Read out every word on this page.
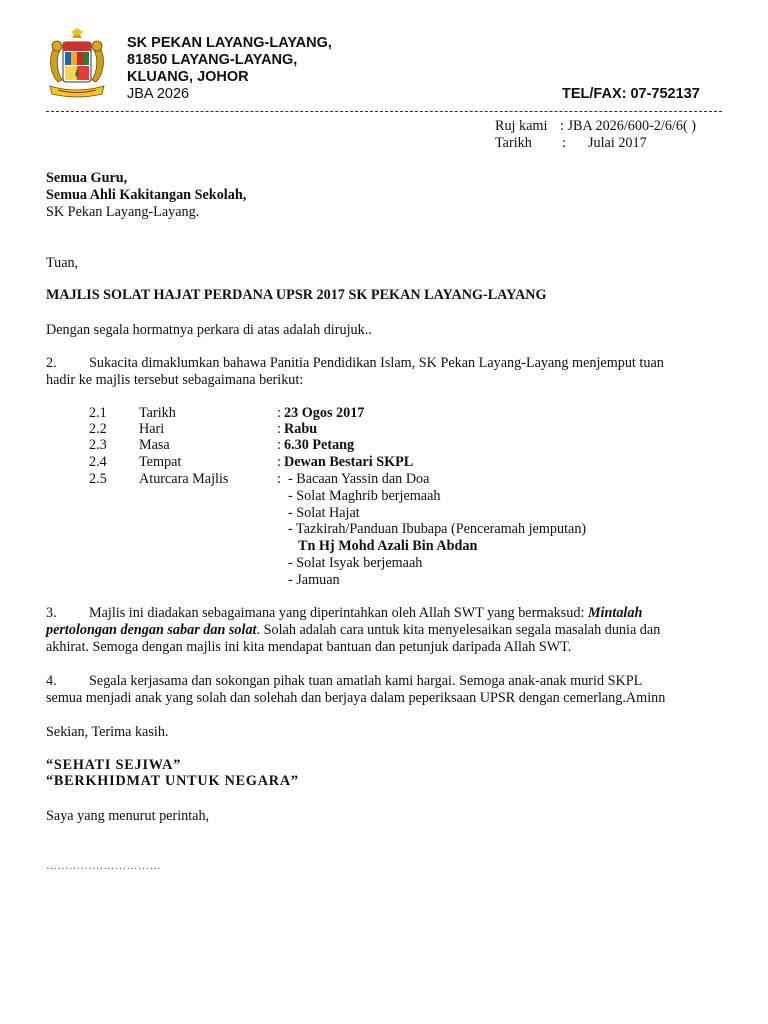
SK PEKAN LAYANG-LAYANG,
81850 LAYANG-LAYANG,
KLUANG, JOHOR
JBA 2026	TEL/FAX: 07-752137
Ruj kami : JBA 2026/600-2/6/6( )
Tarikh : Julai 2017
Semua Guru,
Semua Ahli Kakitangan Sekolah,
SK Pekan Layang-Layang.
Tuan,
MAJLIS SOLAT HAJAT PERDANA UPSR 2017 SK PEKAN LAYANG-LAYANG
Dengan segala hormatnya perkara di atas adalah dirujuk..
2. Sukacita dimaklumkan bahawa Panitia Pendidikan Islam, SK Pekan Layang-Layang menjemput tuan
hadir ke majlis tersebut sebagaimana berikut:
2.1 Tarikh	: 23 Ogos 2017
2.2 Hari	: Rabu
2.3 Masa	: 6.30 Petang
2.4 Tempat	: Dewan Bestari SKPL
2.5 Aturcara Majlis	: - Bacaan Yassin dan Doa
- Solat Maghrib berjemaah
- Solat Hajat
- Tazkirah/Panduan Ibubapa (Penceramah jemputan)
Tn Hj Mohd Azali Bin Abdan
- Solat Isyak berjemaah
- Jamuan
3. Majlis ini diadakan sebagaimana yang diperintahkan oleh Allah SWT yang bermaksud: Mintalah
pertolongan dengan sabar dan solat. Solah adalah cara untuk kita menyelesaikan segala masalah dunia dan
akhirat. Semoga dengan majlis ini kita mendapat bantuan dan petunjuk daripada Allah SWT.
4. Segala kerjasama dan sokongan pihak tuan amatlah kami hargai. Semoga anak-anak murid SKPL
semua menjadi anak yang solah dan solehah dan berjaya dalam peperiksaan UPSR dengan cemerlang.Aminn
Sekian, Terima kasih.
“SEHATI SEJIWA”
“BERKHIDMAT UNTUK NEGARA”
Saya yang menurut perintah,
…………………………
